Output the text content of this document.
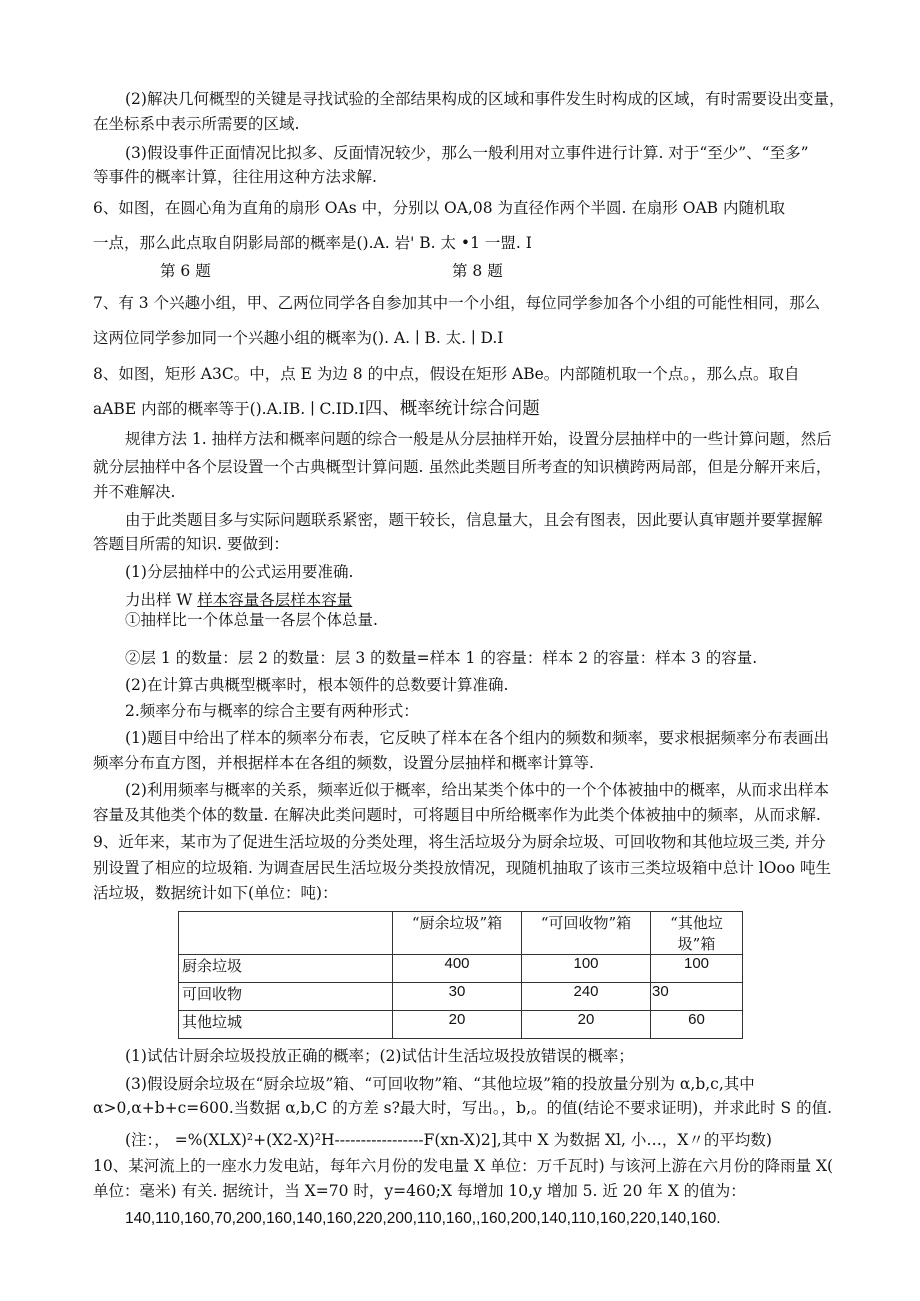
(2)解决几何概型的关键是寻找试验的全部结果构成的区域和事件发生时构成的区域，有时需要设出变量，
在坐标系中表示所需要的区域.
(3)假设事件正面情况比拟多、反面情况较少，那么一般利用对立事件进行计算. 对于“至少”、“至多”
等事件的概率计算，往往用这种方法求解.
6、如图，在圆心角为直角的扇形 OAs 中，分别以 OA,08 为直径作两个半圆. 在扇形 OAB 内随机取
一点，那么此点取自阴影局部的概率是().A. 岩' B. 太 •1 一盟. I
第 6 题	第 8 题
7、有 3 个兴趣小组，甲、乙两位同学各自参加其中一个小组，每位同学参加各个小组的可能性相同，那么
这两位同学参加同一个兴趣小组的概率为(). A. ∣ B. 太. ∣ D.I
8、如图，矩形 A3C。中，点 E 为边 8 的中点，假设在矩形 ABe。内部随机取一个点。，那么点。取自
aABE 内部的概率等于().A.IB. ∣ C.ID.I四、概率统计综合问题
规律方法 1. 抽样方法和概率问题的综合一般是从分层抽样开始，设置分层抽样中的一些计算问题，然后
就分层抽样中各个层设置一个古典概型计算问题. 虽然此类题目所考查的知识横跨两局部，但是分解开来后，
并不难解决.
由于此类题目多与实际问题联系紧密，题干较长，信息量大，且会有图表，因此要认真审题并要掌握解
答题目所需的知识. 要做到：
(1)分层抽样中的公式运用要准确.
力出样 W 样本容量各层样本容量
①抽样比一个体总量一各层个体总量.
②层 1 的数量：层 2 的数量：层 3 的数量=样本 1 的容量：样本 2 的容量：样本 3 的容量.
(2)在计算古典概型概率时，根本领件的总数要计算准确.
2.频率分布与概率的综合主要有两种形式：
(1)题目中给出了样本的频率分布表，它反映了样本在各个组内的频数和频率，要求根据频率分布表画出
频率分布直方图，并根据样本在各组的频数，设置分层抽样和概率计算等.
(2)利用频率与概率的关系，频率近似于概率，给出某类个体中的一个个体被抽中的概率，从而求出样本
容量及其他类个体的数量. 在解决此类问题时，可将题目中所给概率作为此类个体被抽中的频率，从而求解.
9、近年来，某市为了促进生活垃圾的分类处理，将生活垃圾分为厨余垃圾、可回收物和其他垃圾三类, 并分
别设置了相应的垃圾箱. 为调查居民生活垃圾分类投放情况，现随机抽取了该市三类垃圾箱中总计 lOoo 吨生
活垃圾，数据统计如下(单位：吨)：
	“厨余垃圾”箱	“可回收物”箱	“其他垃圾”箱
厨余垃圾	400	100	100
可回收物	30	240	30
其他垃城	20	20	60
(1)试估计厨余垃圾投放正确的概率；(2)试估计生活垃圾投放错误的概率；
(3)假设厨余垃圾在“厨余垃圾”箱、“可回收物”箱、“其他垃圾”箱的投放量分别为 α,b,c,其中
α>0,α+b+c=600.当数据 α,b,C 的方差 s?最大时，写出。，b,。的值(结论不要求证明)，并求此时 S 的值.
(注：， =%(XLX)²+(X2-X)²H-----------------F(xn-X)2],其中 X 为数据 Xl, 小…，X〃的平均数)
10、某河流上的一座水力发电站，每年六月份的发电量 X 单位：万千瓦时) 与该河上游在六月份的降雨量 X(
单位：毫米) 有关. 据统计，当 X=70 时，y=460;X 每增加 10,y 增加 5. 近 20 年 X 的值为：
140,110,160,70,200,160,140,160,220,200,110,160,,160,200,140,110,160,220,140,160.
